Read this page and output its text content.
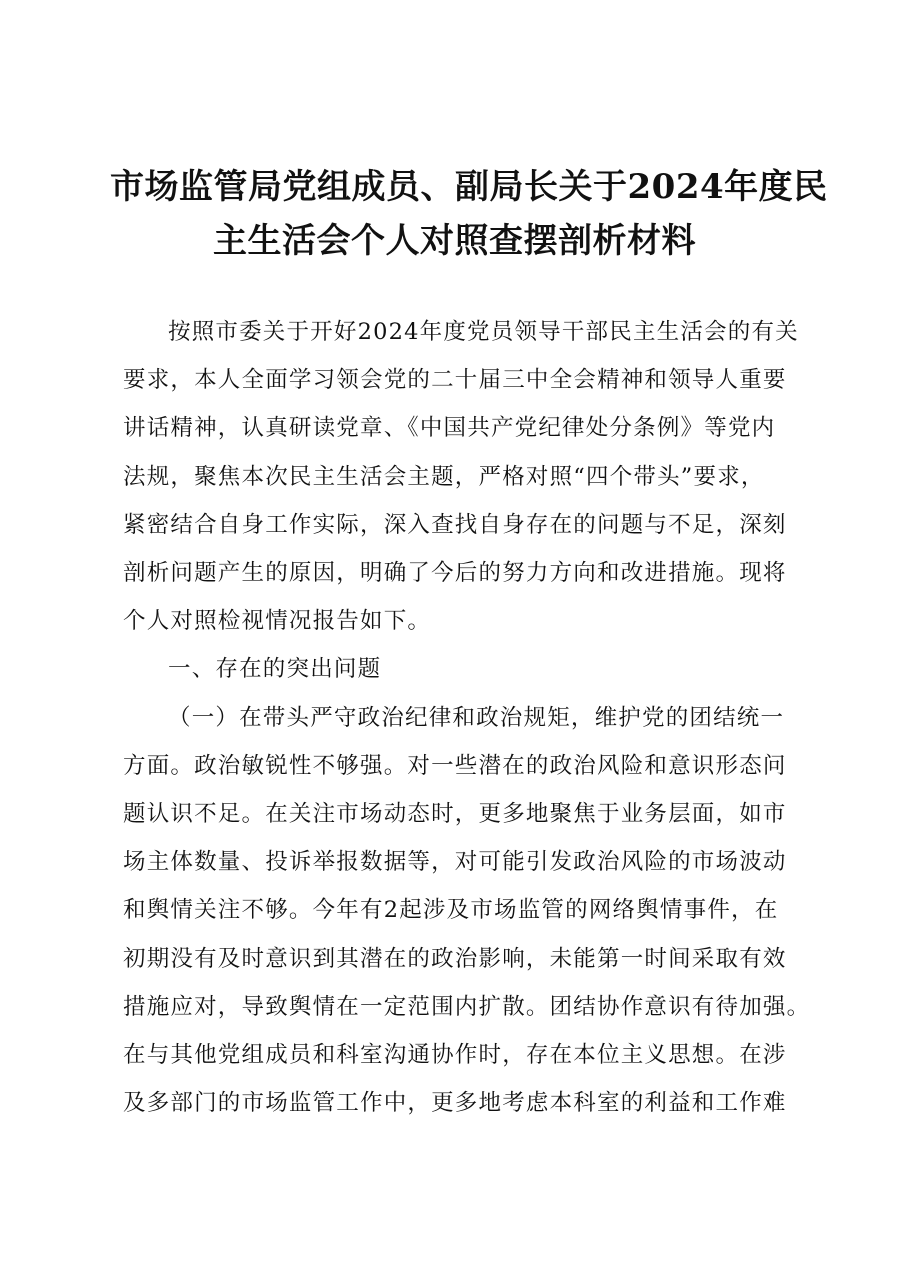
市场监管局党组成员、副局长关于2024年度民
主生活会个人对照查摆剖析材料
按照市委关于开好2024年度党员领导干部民主生活会的有关
要求，本人全面学习领会党的二十届三中全会精神和领导人重要
讲话精神，认真研读党章、《中国共产党纪律处分条例》等党内
法规，聚焦本次民主生活会主题，严格对照“四个带头”要求，
紧密结合自身工作实际，深入查找自身存在的问题与不足，深刻
剖析问题产生的原因，明确了今后的努力方向和改进措施。现将
个人对照检视情况报告如下。
一、存在的突出问题
（一）在带头严守政治纪律和政治规矩，维护党的团结统一
方面。政治敏锐性不够强。对一些潜在的政治风险和意识形态问
题认识不足。在关注市场动态时，更多地聚焦于业务层面，如市
场主体数量、投诉举报数据等，对可能引发政治风险的市场波动
和舆情关注不够。今年有2起涉及市场监管的网络舆情事件，在
初期没有及时意识到其潜在的政治影响，未能第一时间采取有效
措施应对，导致舆情在一定范围内扩散。团结协作意识有待加强。
在与其他党组成员和科室沟通协作时，存在本位主义思想。在涉
及多部门的市场监管工作中，更多地考虑本科室的利益和工作难
